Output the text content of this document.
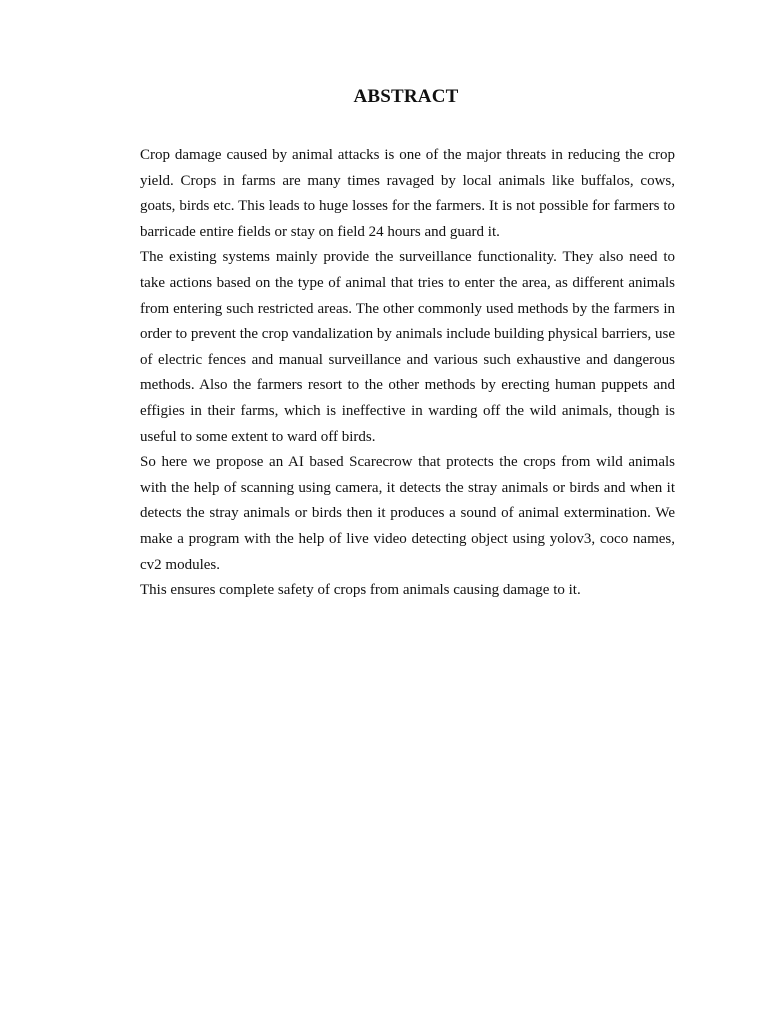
ABSTRACT

Crop damage caused by animal attacks is one of the major threats in reducing the crop yield. Crops in farms are many times ravaged by local animals like buffalos, cows, goats, birds etc. This leads to huge losses for the farmers. It is not possible for farmers to barricade entire fields or stay on field 24 hours and guard it.

The existing systems mainly provide the surveillance functionality. They also need to take actions based on the type of animal that tries to enter the area, as different animals from entering such restricted areas. The other commonly used methods by the farmers in order to prevent the crop vandalization by animals include building physical barriers, use of electric fences and manual surveillance and various such exhaustive and dangerous methods. Also the farmers resort to the other methods by erecting human puppets and effigies in their farms, which is ineffective in warding off the wild animals, though is useful to some extent to ward off birds.

So here we propose an AI based Scarecrow that protects the crops from wild animals with the help of scanning using camera, it detects the stray animals or birds and when it detects the stray animals or birds then it produces a sound of animal extermination. We make a program with the help of live video detecting object using yolov3, coco names, cv2 modules.

This ensures complete safety of crops from animals causing damage to it.
